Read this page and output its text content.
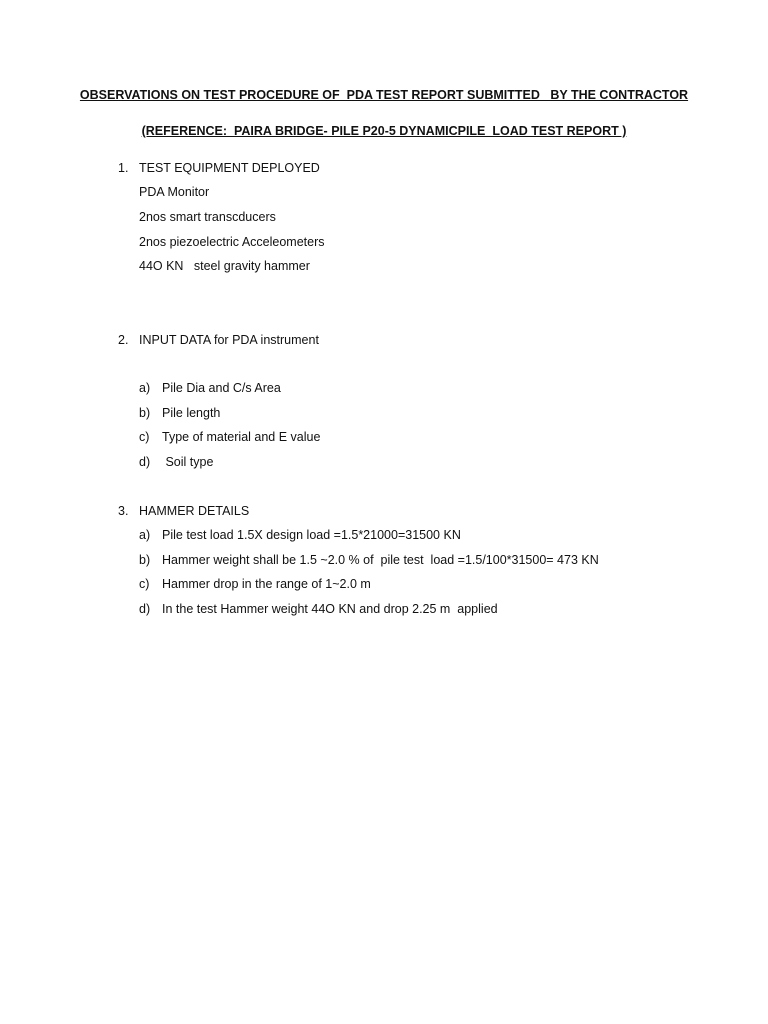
OBSERVATIONS ON TEST PROCEDURE OF  PDA TEST REPORT SUBMITTED   BY THE CONTRACTOR
(REFERENCE:  PAIRA BRIDGE- PILE P20-5 DYNAMICPILE  LOAD TEST REPORT )
1. TEST EQUIPMENT DEPLOYED
PDA Monitor
2nos smart transcducers
2nos piezoelectric Acceleometers
44O KN   steel gravity hammer
2. INPUT DATA for PDA instrument
a) Pile Dia and C/s Area
b) Pile length
c) Type of material and E value
d) Soil type
3. HAMMER DETAILS
a) Pile test load 1.5X design load =1.5*21000=31500 KN
b) Hammer weight shall be 1.5 ~2.0 % of  pile test  load =1.5/100*31500= 473 KN
c) Hammer drop in the range of 1~2.0 m
d) In the test Hammer weight 44O KN and drop 2.25 m  applied
